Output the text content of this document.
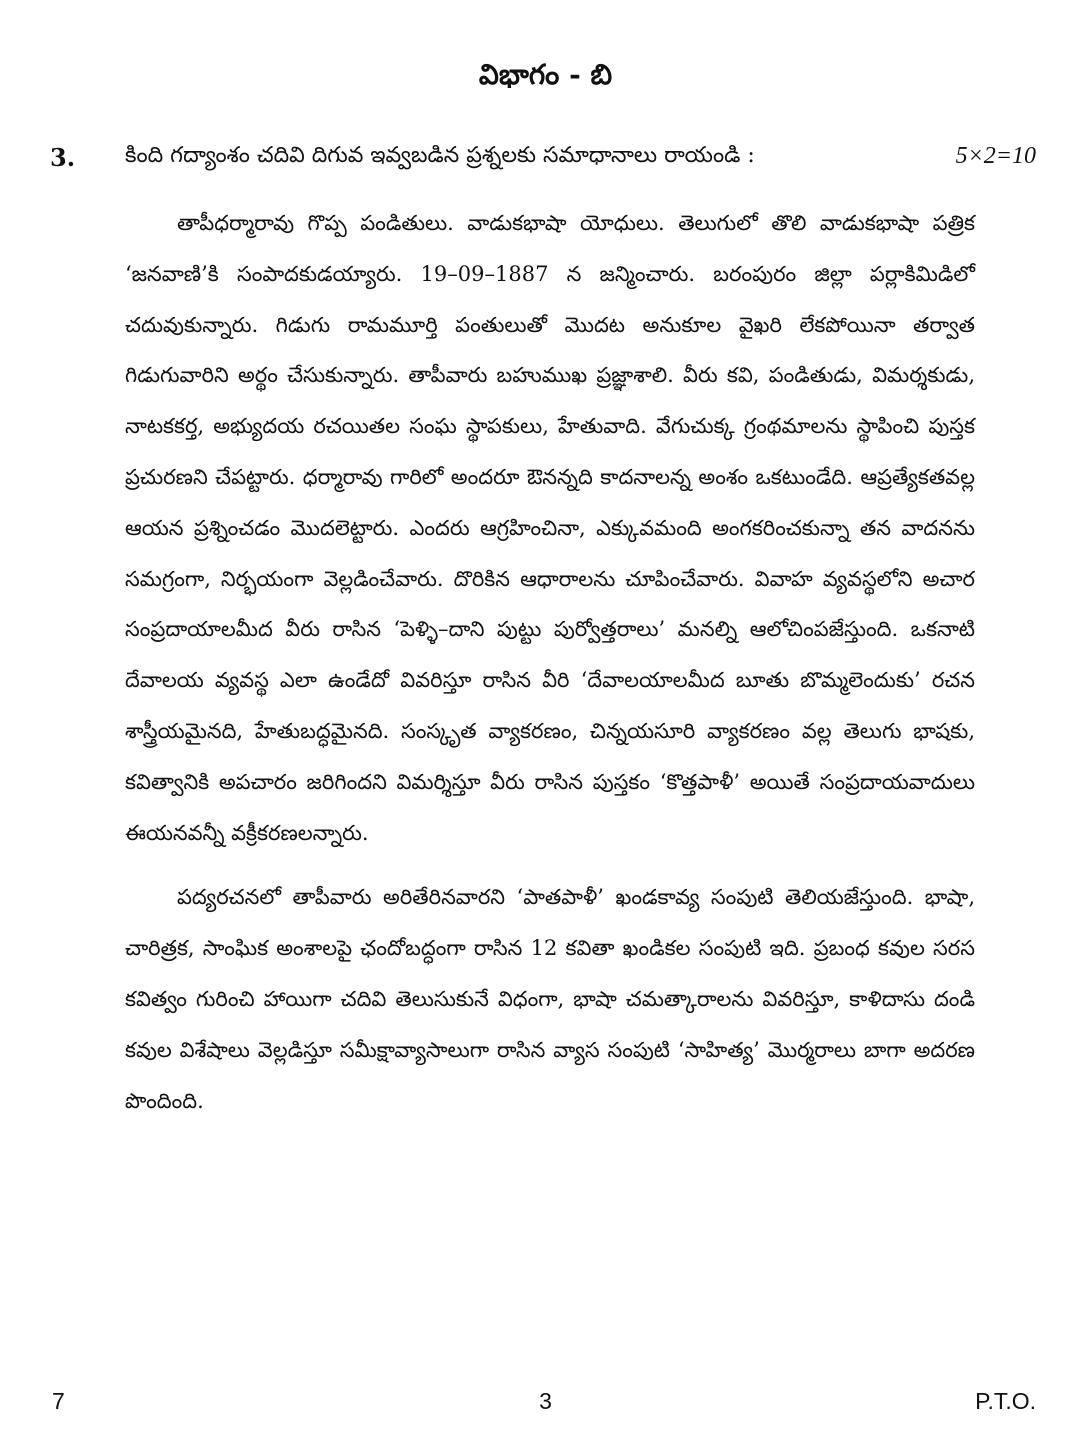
విభాగం - బి
3. కింది గద్యాంశం చదివి దిగువ ఇవ్వబడిన ప్రశ్నలకు సమాధానాలు రాయండి :	5×2=10

తాపీధర్మారావు గొప్ప పండితులు. వాడుకభాషా యోధులు. తెలుగులో తొలి వాడుకభాషా పత్రిక ‘జనవాణి’కి సంపాదకుడయ్యారు. 19–09–1887 న జన్మించారు. బరంపురం జిల్లా పర్లాకిమిడిలో చదువుకున్నారు. గిడుగు రామమూర్తి పంతులుతో మొదట అనుకూల వైఖరి లేకపోయినా తర్వాత గిడుగువారిని అర్థం చేసుకున్నారు. తాపీవారు బహుముఖ ప్రజ్ఞాశాలి. వీరు కవి, పండితుడు, విమర్శకుడు, నాటకకర్త, అభ్యుదయ రచయితల సంఘ స్థాపకులు, హేతువాది. వేగుచుక్క గ్రంథమాలను స్థాపించి పుస్తక ప్రచురణని చేపట్టారు. ధర్మారావు గారిలో అందరూ ఔనన్నది కాదనాలన్న అంశం ఒకటుండేది. ఆప్రత్యేకతవల్ల ఆయన ప్రశ్నించడం మొదలెట్టారు. ఎందరు ఆగ్రహించినా, ఎక్కువమంది అంగకరించకున్నా తన వాదనను సమగ్రంగా, నిర్భయంగా వెల్లడించేవారు. దొరికిన ఆధారాలను చూపించేవారు. వివాహ వ్యవస్థలోని అచార సంప్రదాయాలమీద వీరు రాసిన ‘పెళ్ళి–దాని పుట్టు పుర్వోత్తరాలు’ మనల్ని ఆలోచింపజేస్తుంది. ఒకనాటి దేవాలయ వ్యవస్థ ఎలా ఉండేదో వివరిస్తూ రాసిన వీరి ‘దేవాలయాలమీద బూతు బొమ్మలెందుకు’ రచన శాస్త్రీయమైనది, హేతుబద్ధమైనది. సంస్కృత వ్యాకరణం, చిన్నయసూరి వ్యాకరణం వల్ల తెలుగు భాషకు, కవిత్వానికి అపచారం జరిగిందని విమర్శిస్తూ వీరు రాసిన పుస్తకం ‘కొత్తపాళీ’ అయితే సంప్రదాయవాదులు ఈయనవన్నీ వక్రీకరణలన్నారు.

పద్యరచనలో తాపీవారు అరితేరినవారని ‘పాతపాళీ’ ఖండకావ్య సంపుటి తెలియజేస్తుంది. భాషా, చారిత్రక, సాంఘిక అంశాలపై ఛందోబద్ధంగా రాసిన 12 కవితా ఖండికల సంపుటి ఇది. ప్రబంధ కవుల సరస కవిత్వం గురించి హాయిగా చదివి తెలుసుకునే విధంగా, భాషా చమత్కారాలను వివరిస్తూ, కాళిదాసు దండి కవుల విశేషాలు వెల్లడిస్తూ సమీక్షావ్యాసాలుగా రాసిన వ్యాస సంపుటి ‘సాహిత్య’ మొర్మరాలు బాగా అదరణ పొందింది.

7	3	P.T.O.
